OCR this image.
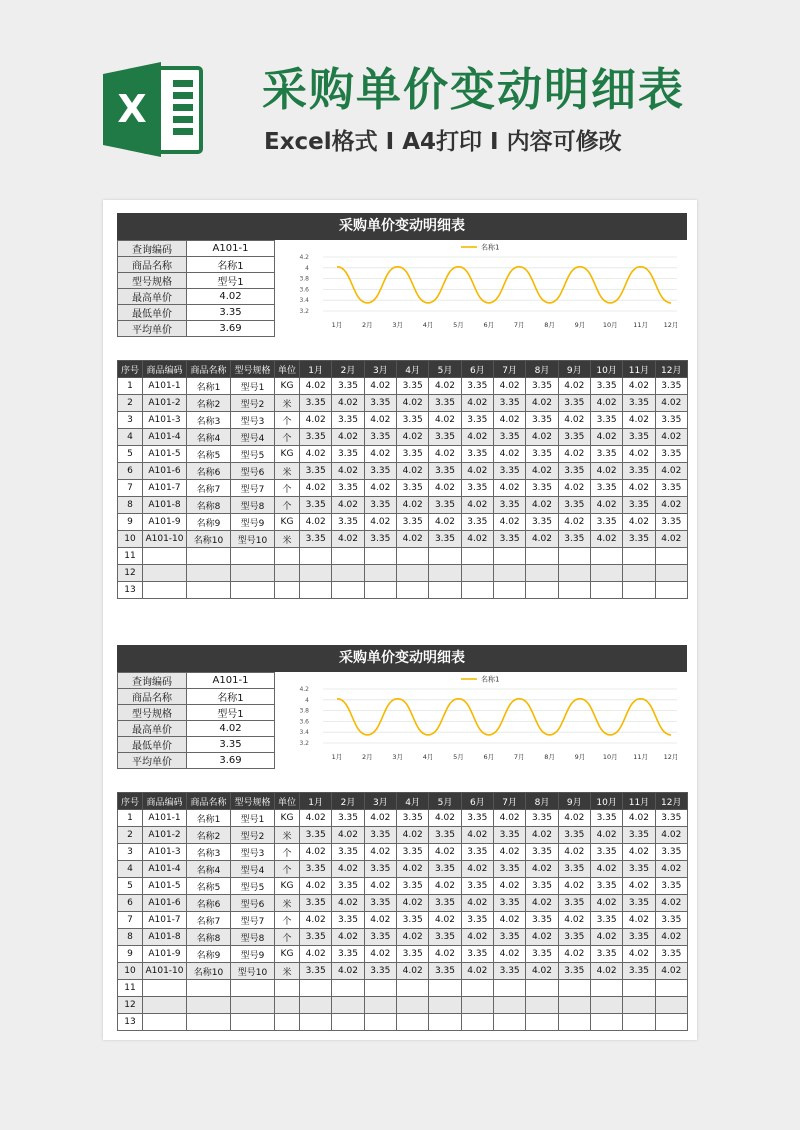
X	采购单价变动明细表
Excel格式 I A4打印 I 内容可修改
采购单价变动明细表
查询编码	A101-1
商品名称	名称1
型号规格	型号1
最高单价	4.02
最低单价	3.35
平均单价	3.69
4.2
4
3.8
3.6
3.4
3.2
1月	2月	3月	4月	5月	6月	7月	8月	9月	10月 11月 12月
名称1
序号	商品编码	商品名称	型号规格	单位	1月	2月	3月	4月	5月	6月	7月	8月	9月	10月	11月	12月
1	A101-1	名称1	型号1	KG	4.02	3.35	4.02	3.35	4.02	3.35	4.02	3.35	4.02	3.35	4.02	3.35
2	A101-2	名称2	型号2	米	3.35	4.02	3.35	4.02	3.35	4.02	3.35	4.02	3.35	4.02	3.35	4.02
3	A101-3	名称3	型号3	个	4.02	3.35	4.02	3.35	4.02	3.35	4.02	3.35	4.02	3.35	4.02	3.35
4	A101-4	名称4	型号4	个	3.35	4.02	3.35	4.02	3.35	4.02	3.35	4.02	3.35	4.02	3.35	4.02
5	A101-5	名称5	型号5	KG	4.02	3.35	4.02	3.35	4.02	3.35	4.02	3.35	4.02	3.35	4.02	3.35
6	A101-6	名称6	型号6	米	3.35	4.02	3.35	4.02	3.35	4.02	3.35	4.02	3.35	4.02	3.35	4.02
7	A101-7	名称7	型号7	个	4.02	3.35	4.02	3.35	4.02	3.35	4.02	3.35	4.02	3.35	4.02	3.35
8	A101-8	名称8	型号8	个	3.35	4.02	3.35	4.02	3.35	4.02	3.35	4.02	3.35	4.02	3.35	4.02
9	A101-9	名称9	型号9	KG	4.02	3.35	4.02	3.35	4.02	3.35	4.02	3.35	4.02	3.35	4.02	3.35
10	A101-10	名称10	型号10	米	3.35	4.02	3.35	4.02	3.35	4.02	3.35	4.02	3.35	4.02	3.35	4.02
11																
12																
13																
采购单价变动明细表
查询编码	A101-1
商品名称	名称1
型号规格	型号1
最高单价	4.02
最低单价	3.35
平均单价	3.69
4.2
4
3.8
3.6
3.4
3.2
1月	2月	3月	4月	5月	6月	7月	8月	9月	10月 11月 12月
名称1
序号	商品编码	商品名称	型号规格	单位	1月	2月	3月	4月	5月	6月	7月	8月	9月	10月	11月	12月
1	A101-1	名称1	型号1	KG	4.02	3.35	4.02	3.35	4.02	3.35	4.02	3.35	4.02	3.35	4.02	3.35
2	A101-2	名称2	型号2	米	3.35	4.02	3.35	4.02	3.35	4.02	3.35	4.02	3.35	4.02	3.35	4.02
3	A101-3	名称3	型号3	个	4.02	3.35	4.02	3.35	4.02	3.35	4.02	3.35	4.02	3.35	4.02	3.35
4	A101-4	名称4	型号4	个	3.35	4.02	3.35	4.02	3.35	4.02	3.35	4.02	3.35	4.02	3.35	4.02
5	A101-5	名称5	型号5	KG	4.02	3.35	4.02	3.35	4.02	3.35	4.02	3.35	4.02	3.35	4.02	3.35
6	A101-6	名称6	型号6	米	3.35	4.02	3.35	4.02	3.35	4.02	3.35	4.02	3.35	4.02	3.35	4.02
7	A101-7	名称7	型号7	个	4.02	3.35	4.02	3.35	4.02	3.35	4.02	3.35	4.02	3.35	4.02	3.35
8	A101-8	名称8	型号8	个	3.35	4.02	3.35	4.02	3.35	4.02	3.35	4.02	3.35	4.02	3.35	4.02
9	A101-9	名称9	型号9	KG	4.02	3.35	4.02	3.35	4.02	3.35	4.02	3.35	4.02	3.35	4.02	3.35
10	A101-10	名称10	型号10	米	3.35	4.02	3.35	4.02	3.35	4.02	3.35	4.02	3.35	4.02	3.35	4.02
11																
12																
13																
